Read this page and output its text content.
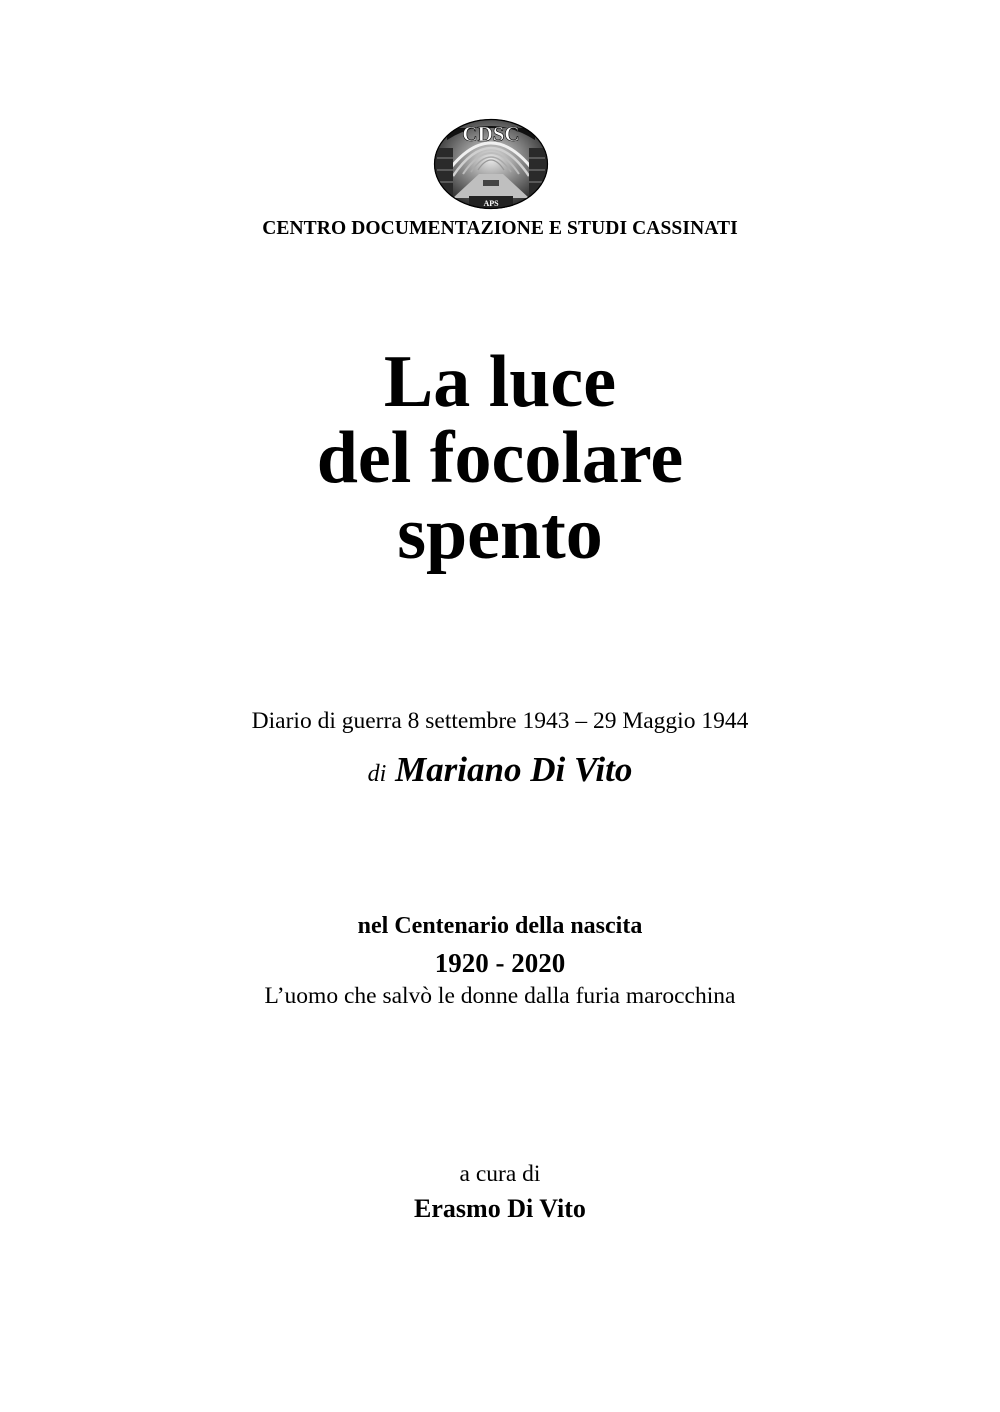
CDSC
APS
CENTRO DOCUMENTAZIONE E STUDI CASSINATI
La luce
del focolare
spento
Diario di guerra 8 settembre 1943 – 29 Maggio 1944
di Mariano Di Vito
nel Centenario della nascita
1920 - 2020
L’uomo che salvò le donne dalla furia marocchina
a cura di
Erasmo Di Vito
